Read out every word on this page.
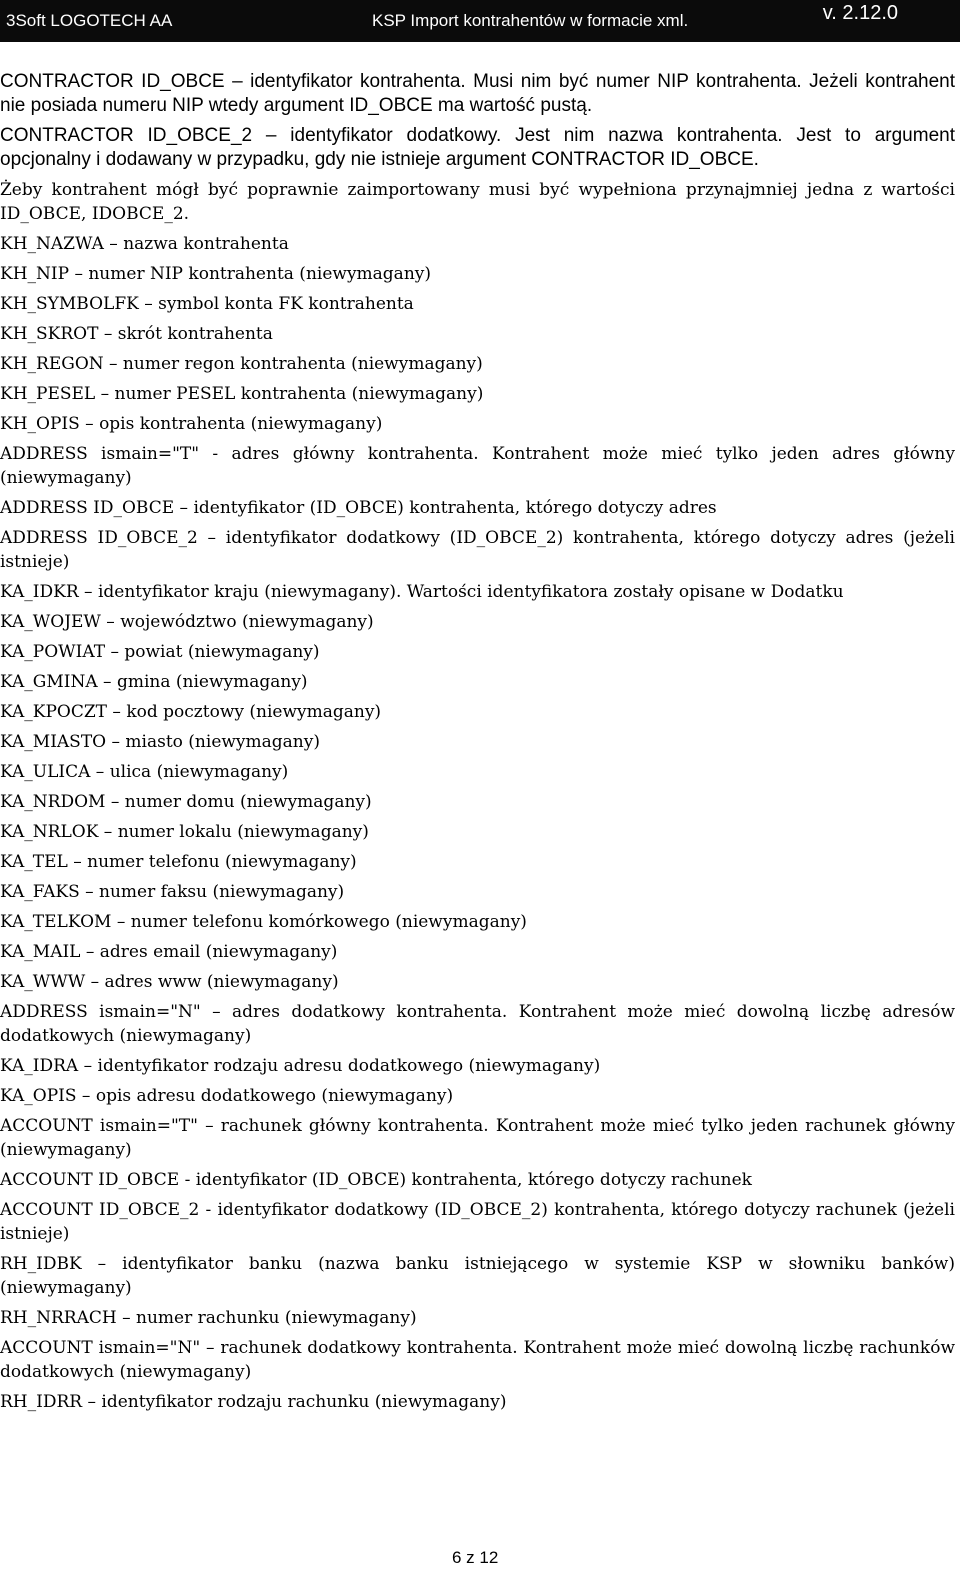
3Soft LOGOTECH AA	KSP Import kontrahentów w formacie xml.	v. 2.12.0

CONTRACTOR ID_OBCE – identyfikator kontrahenta. Musi nim być numer NIP kontrahenta. Jeżeli kontrahent nie posiada numeru NIP wtedy argument ID_OBCE ma wartość pustą.

CONTRACTOR ID_OBCE_2 – identyfikator dodatkowy. Jest nim nazwa kontrahenta. Jest to argument opcjonalny i dodawany w przypadku, gdy nie istnieje argument CONTRACTOR ID_OBCE.

Żeby kontrahent mógł być poprawnie zaimportowany musi być wypełniona przynajmniej jedna z wartości ID_OBCE, IDOBCE_2.

KH_NAZWA – nazwa kontrahenta

KH_NIP – numer NIP kontrahenta (niewymagany)

KH_SYMBOLFK – symbol konta FK kontrahenta

KH_SKROT – skrót kontrahenta

KH_REGON – numer regon kontrahenta (niewymagany)

KH_PESEL – numer PESEL kontrahenta (niewymagany)

KH_OPIS – opis kontrahenta (niewymagany)

ADDRESS ismain="T" - adres główny kontrahenta. Kontrahent może mieć tylko jeden adres główny (niewymagany)

ADDRESS ID_OBCE – identyfikator (ID_OBCE) kontrahenta, którego dotyczy adres

ADDRESS ID_OBCE_2 – identyfikator dodatkowy (ID_OBCE_2) kontrahenta, którego dotyczy adres (jeżeli istnieje)

KA_IDKR – identyfikator kraju (niewymagany). Wartości identyfikatora zostały opisane w Dodatku

KA_WOJEW – województwo (niewymagany)

KA_POWIAT – powiat (niewymagany)

KA_GMINA – gmina (niewymagany)

KA_KPOCZT – kod pocztowy (niewymagany)

KA_MIASTO – miasto (niewymagany)

KA_ULICA – ulica (niewymagany)

KA_NRDOM – numer domu (niewymagany)

KA_NRLOK – numer lokalu (niewymagany)

KA_TEL – numer telefonu (niewymagany)

KA_FAKS – numer faksu (niewymagany)

KA_TELKOM – numer telefonu komórkowego (niewymagany)

KA_MAIL – adres email (niewymagany)

KA_WWW – adres www (niewymagany)

ADDRESS ismain="N" – adres dodatkowy kontrahenta. Kontrahent może mieć dowolną liczbę adresów dodatkowych (niewymagany)

KA_IDRA – identyfikator rodzaju adresu dodatkowego (niewymagany)

KA_OPIS – opis adresu dodatkowego (niewymagany)

ACCOUNT ismain="T" – rachunek główny kontrahenta. Kontrahent może mieć tylko jeden rachunek główny (niewymagany)

ACCOUNT ID_OBCE - identyfikator (ID_OBCE) kontrahenta, którego dotyczy rachunek

ACCOUNT ID_OBCE_2 - identyfikator dodatkowy (ID_OBCE_2) kontrahenta, którego dotyczy rachunek (jeżeli istnieje)

RH_IDBK – identyfikator banku (nazwa banku istniejącego w systemie KSP w słowniku banków) (niewymagany)

RH_NRRACH – numer rachunku (niewymagany)

ACCOUNT ismain="N" – rachunek dodatkowy kontrahenta. Kontrahent może mieć dowolną liczbę rachunków dodatkowych (niewymagany)

RH_IDRR – identyfikator rodzaju rachunku (niewymagany)

6 z 12
